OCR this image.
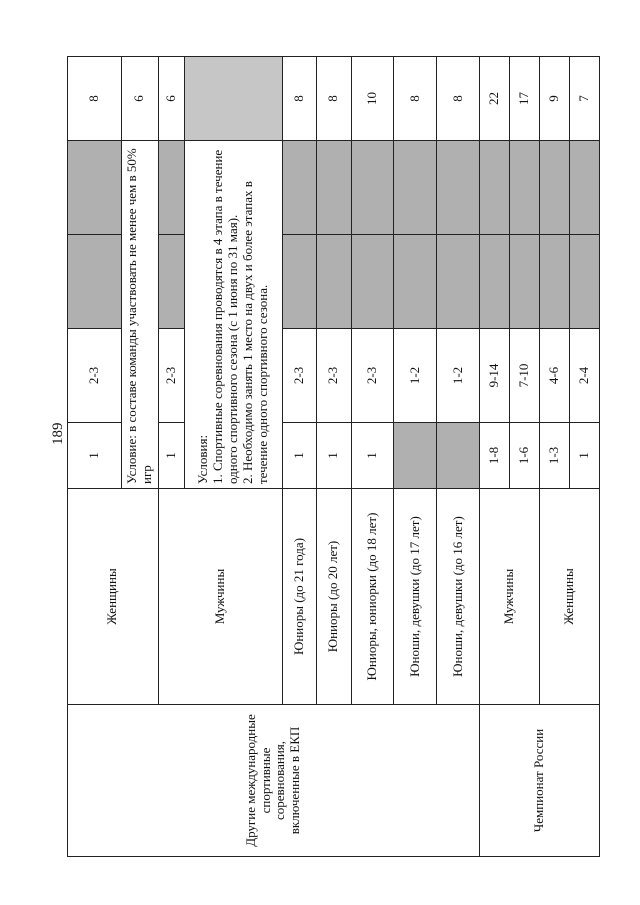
189
Другие международные спортивные соревнования, включенные в ЕКП	Женщины	1	2-3			8
		Условие: в составе команды участвовать не менее чем в 50% игр				6
	Мужчины	1	2-3			6

		Условия: 1. Спортивные соревнования проводятся в 4 этапа в течение одного спортивного сезона (с 1 июня по 31 мая). 2. Необходимо занять 1 место на двух и более этапах в течение одного спортивного сезона.				

	Юниоры (до 21 года)	1	2-3			8
	Юниоры (до 20 лет)	1	2-3			8
	Юниоры, юниорки (до 18 лет)	1	2-3			10
	Юноши, девушки (до 17 лет)		1-2			8
	Юноши, девушки (до 16 лет)		1-2			8
Чемпионат России	Мужчины	1-8	9-14			22
		1-6	7-10			17
	Женщины	1-3	4-6			9
		1	2-4			7
